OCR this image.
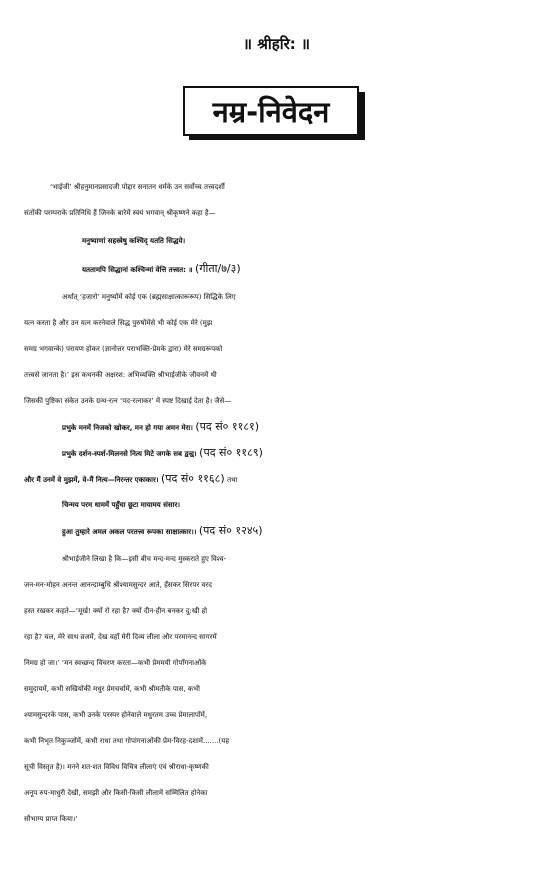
॥ श्रीहरि: ॥
नम्र-निवेदन
‘भाईजी’ श्रीहनुमानप्रसादजी पोद्दार सनातन धर्मके उन सर्वोच्च तत्त्वदर्शी
संतोंकी परम्पराके प्रतिनिधि हैं जिनके बारेमें स्वयं भगवान् श्रीकृष्णने कहा है—
मनुष्याणां सहस्त्रेषु कश्चिद् यतति सिद्धये।
यततामपि सिद्धानां कश्चिन्मां वेत्ति तत्त्वत: ॥ (गीता/७/३)
अर्थात् ‘हजारो’ मनुष्योंमें कोई एक (ब्रह्मसाक्षात्कारूरूप) सिद्धिके लिए
यत्न करता है और उन यत्न करनेवाले सिद्ध पुरुषोंमेंसे भी कोई एक मेरे (मुझ
समग्र भगवान्के) परायण होकर (ज्ञानोत्तर पराभक्ति-प्रेमके द्वारा) मेरे समग्ररूपको
तत्त्वसे जानता है।’ इस कथनकी अक्षरश: अभिव्यक्ति श्रीभाईजीके जीवनमें थी
जिसकी पुष्टिका संकेत उनके ग्रन्थ-रत्न ‘पद-रत्नाकर’ में स्पष्ट दिखाई देता है। जैसे—
प्रभुके मनमें निजको खोकर, मन हो गया अमन मेरा। (पद सं० ११८१)
प्रभुके दर्शन-स्पर्श-मिलनसे नित्य मिटे जगके सब द्वन्द्व। (पद सं० ११८९)
और मैं उनमें वे मुझमें, वे-मैं नित्य—निरन्तर एकाकार। (पद सं० ११६८) तथा
चिन्मय परम धाममें पहुँचा छूटा मायामय संसार।
हुआ तुम्हारे अमल अकल परतत्त्व रूपका साक्षात्कार।। (पद सं० १२४५)
श्रीभाईजीने लिखा है कि—इसी बीच मन्द-मन्द मुस्कराते हुए विश्व-
जन-मन-मोहन अनन्त आनन्दाम्बुधि श्रीश्यामसुन्दर आते, हँसकर सिरपर वरद
हस्त रखकर कहते—‘मूर्ख! क्यों रो रहा है? क्यों दीन-हीन बनकर दु:खी हो
रहा है? चल, मेरे साथ व्रजमें, देख वहाँ मेरी दिव्य लीला और परमानन्द सागरमें
निमग्र हो जा।’ ‘मन स्वच्छन्द विचरण करता—कभी प्रेममयी गोपाँगनाओंके
समुदायमें, कभी सखियोंकी मधुर प्रेमचर्चामें, कभी श्रीमतीके पास, कभी
श्यामसुन्दरके पास, कभी उनके परस्पर होनेवाले मधुरतम उच्च प्रेमालापोंमें,
कभी निभृत निकुञ्जोंमें, कभी राधा तथा गोपांगनाओंकी प्रेम-विरह-दशामें.......(यह
सूची विस्तृत है)। मनने शत-शत विविध विचित्र लीलाएं एवं श्रीराधा-कृष्णकी
अनूप रुप-माधुरी देखी, समझी और किसी-किसी लीलामें सम्मिलित होनेका
सौभाग्य प्राप्त किया।’
